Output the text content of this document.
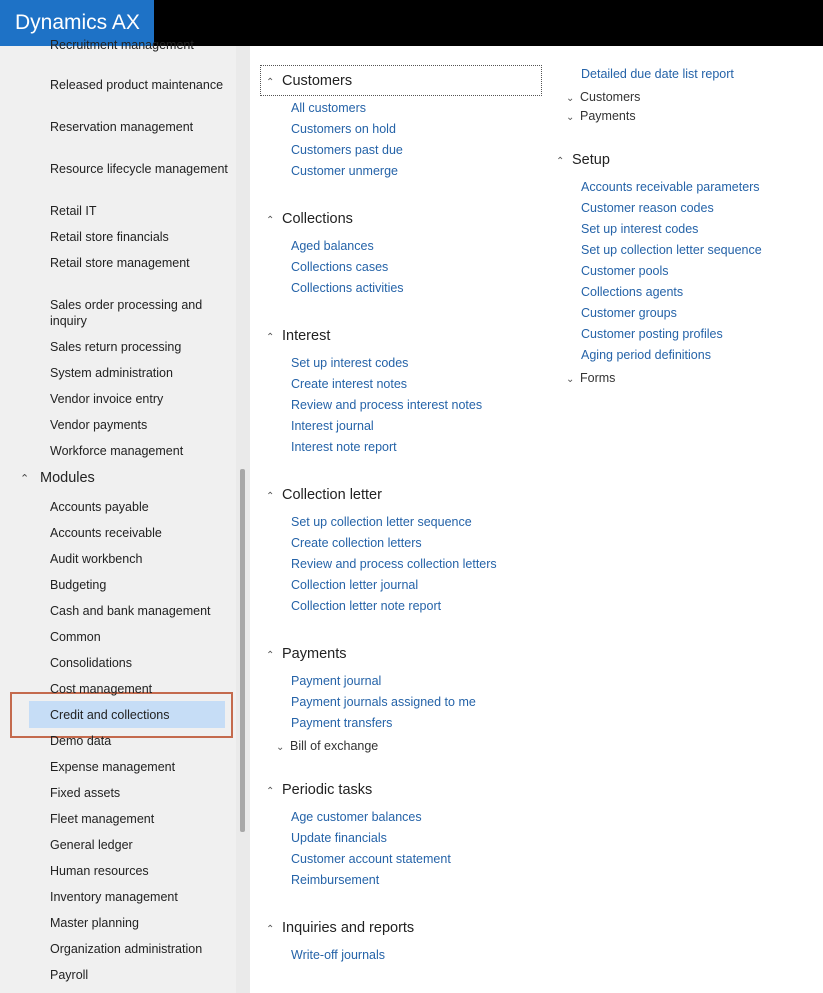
Dynamics AX
Recruitment management
Released product maintenance
Reservation management
Resource lifecycle management
Retail IT
Retail store financials
Retail store management
Sales order processing and inquiry
Sales return processing
System administration
Vendor invoice entry
Vendor payments
Workforce management
⌃ Modules
Accounts payable
Accounts receivable
Audit workbench
Budgeting
Cash and bank management
Common
Consolidations
Cost management
Credit and collections
Demo data
Expense management
Fixed assets
Fleet management
General ledger
Human resources
Inventory management
Master planning
Organization administration
Payroll
⌃ Customers
All customers
Customers on hold
Customers past due
Customer unmerge
⌃ Collections
Aged balances
Collections cases
Collections activities
⌃ Interest
Set up interest codes
Create interest notes
Review and process interest notes
Interest journal
Interest note report
⌃ Collection letter
Set up collection letter sequence
Create collection letters
Review and process collection letters
Collection letter journal
Collection letter note report
⌃ Payments
Payment journal
Payment journals assigned to me
Payment transfers
⌄ Bill of exchange
⌃ Periodic tasks
Age customer balances
Update financials
Customer account statement
Reimbursement
⌃ Inquiries and reports
Write-off journals
Detailed due date list report
⌄ Customers
⌄ Payments
⌃ Setup
Accounts receivable parameters
Customer reason codes
Set up interest codes
Set up collection letter sequence
Customer pools
Collections agents
Customer groups
Customer posting profiles
Aging period definitions
⌄ Forms
